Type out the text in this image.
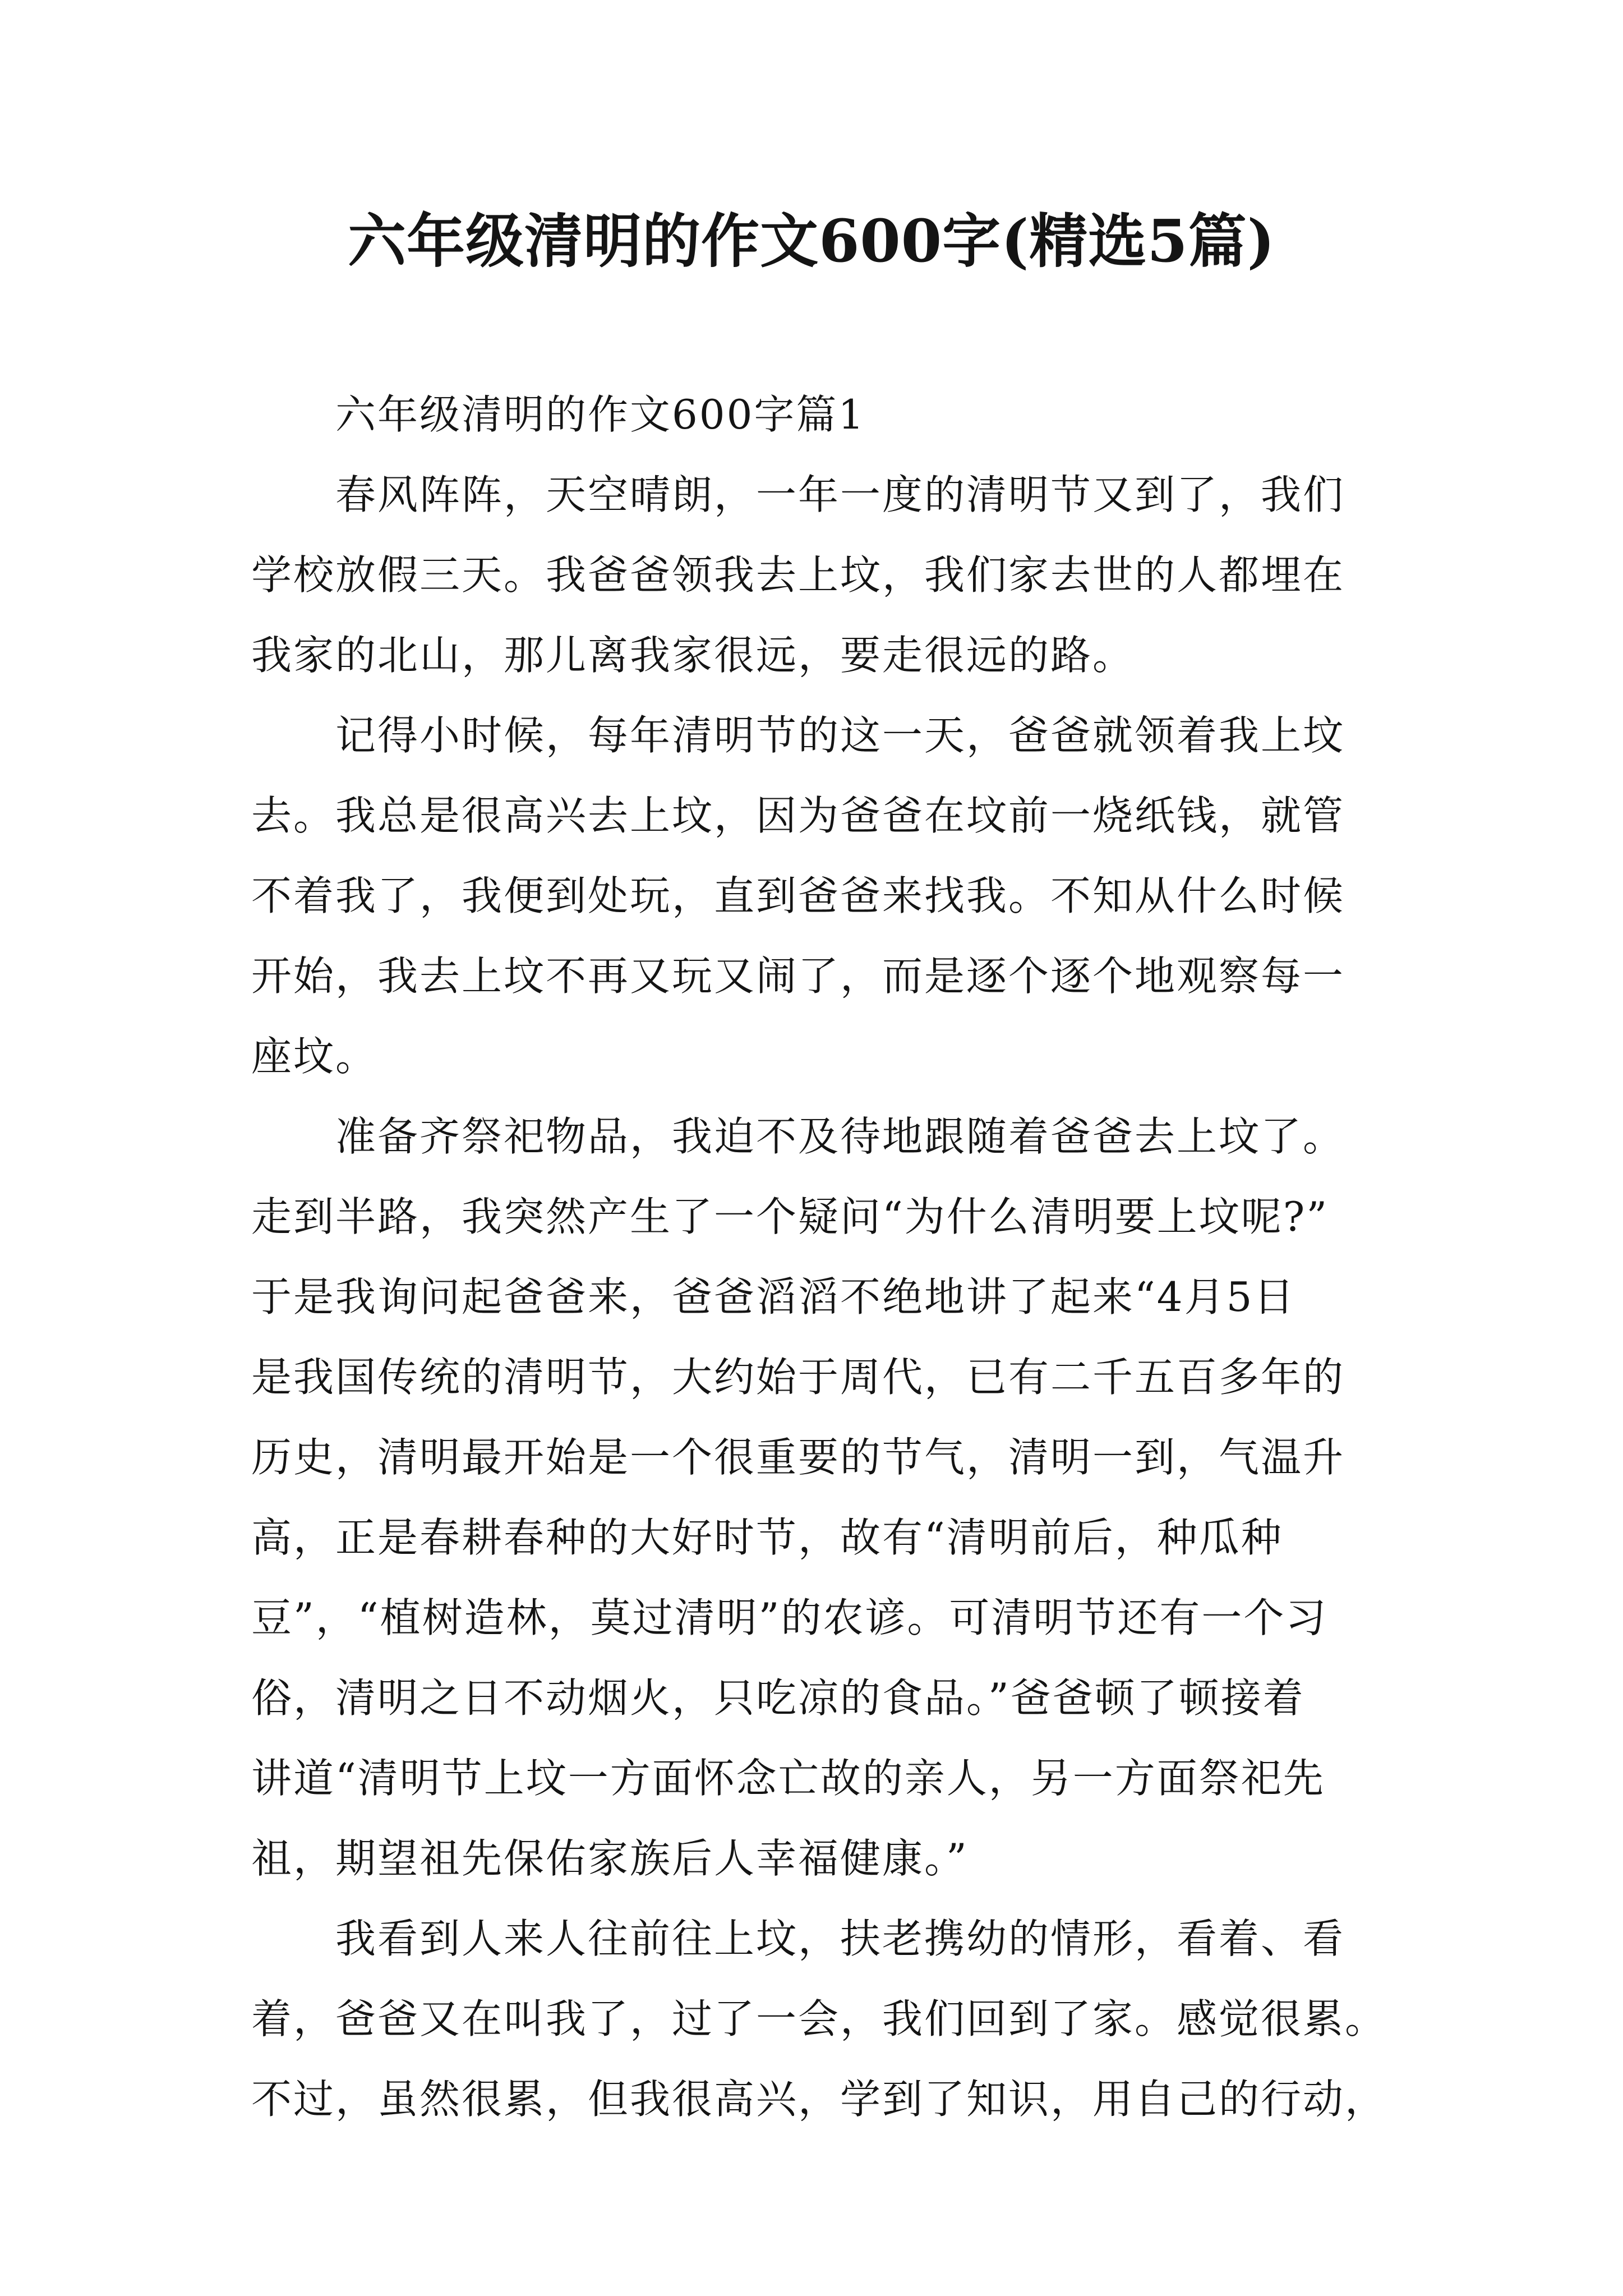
六年级清明的作文600字(精选5篇)
六年级清明的作文600字篇1
春风阵阵，天空晴朗，一年一度的清明节又到了，我们
学校放假三天。我爸爸领我去上坟，我们家去世的人都埋在
我家的北山，那儿离我家很远，要走很远的路。
记得小时候，每年清明节的这一天，爸爸就领着我上坟
去。我总是很高兴去上坟，因为爸爸在坟前一烧纸钱，就管
不着我了，我便到处玩，直到爸爸来找我。不知从什么时候
开始，我去上坟不再又玩又闹了，而是逐个逐个地观察每一
座坟。
准备齐祭祀物品，我迫不及待地跟随着爸爸去上坟了。
走到半路，我突然产生了一个疑问“为什么清明要上坟呢?”
于是我询问起爸爸来，爸爸滔滔不绝地讲了起来“4月5日
是我国传统的清明节，大约始于周代，已有二千五百多年的
历史，清明最开始是一个很重要的节气，清明一到，气温升
高，正是春耕春种的大好时节，故有“清明前后，种瓜种
豆”，“植树造林，莫过清明”的农谚。可清明节还有一个习
俗，清明之日不动烟火，只吃凉的食品。”爸爸顿了顿接着
讲道“清明节上坟一方面怀念亡故的亲人，另一方面祭祀先
祖，期望祖先保佑家族后人幸福健康。”
我看到人来人往前往上坟，扶老携幼的情形，看着、看
着，爸爸又在叫我了，过了一会，我们回到了家。感觉很累。
不过，虽然很累，但我很高兴，学到了知识，用自己的行动，
